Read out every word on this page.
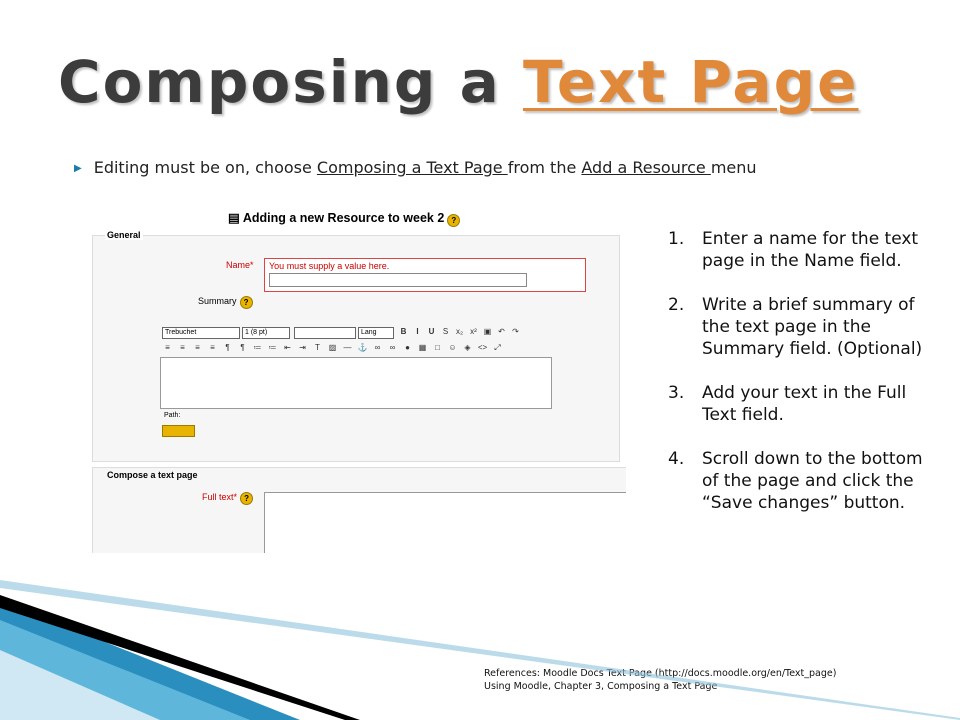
Composing a Text Page
▶ Editing must be on, choose Composing a Text Page from the Add a Resource menu
▤ Adding a new Resource to week 2 ?
General
Name* You must supply a value here.
Summary ?
Trebuchet	1 (8 pt)	Lang	B	I	U	S x₂ x² ▣ ↶ ↷
≡	≡	≡	≡	¶	¶	≔ ≔ ⇤ ⇥	T	▨ — ⚓ ∞	∞	●	▦	□	☺ ◈ <> ⤢
Path:
Compose a text page
Full text* ?
1.	Enter a name for the text page in the Name field.
2.	Write a brief summary of the text page in the Summary field. (Optional)
3.	Add your text in the Full Text field.
4.	Scroll down to the bottom of the page and click the “Save changes” button.
References: Moodle Docs Text Page (http://docs.moodle.org/en/Text_page)
Using Moodle, Chapter 3, Composing a Text Page
